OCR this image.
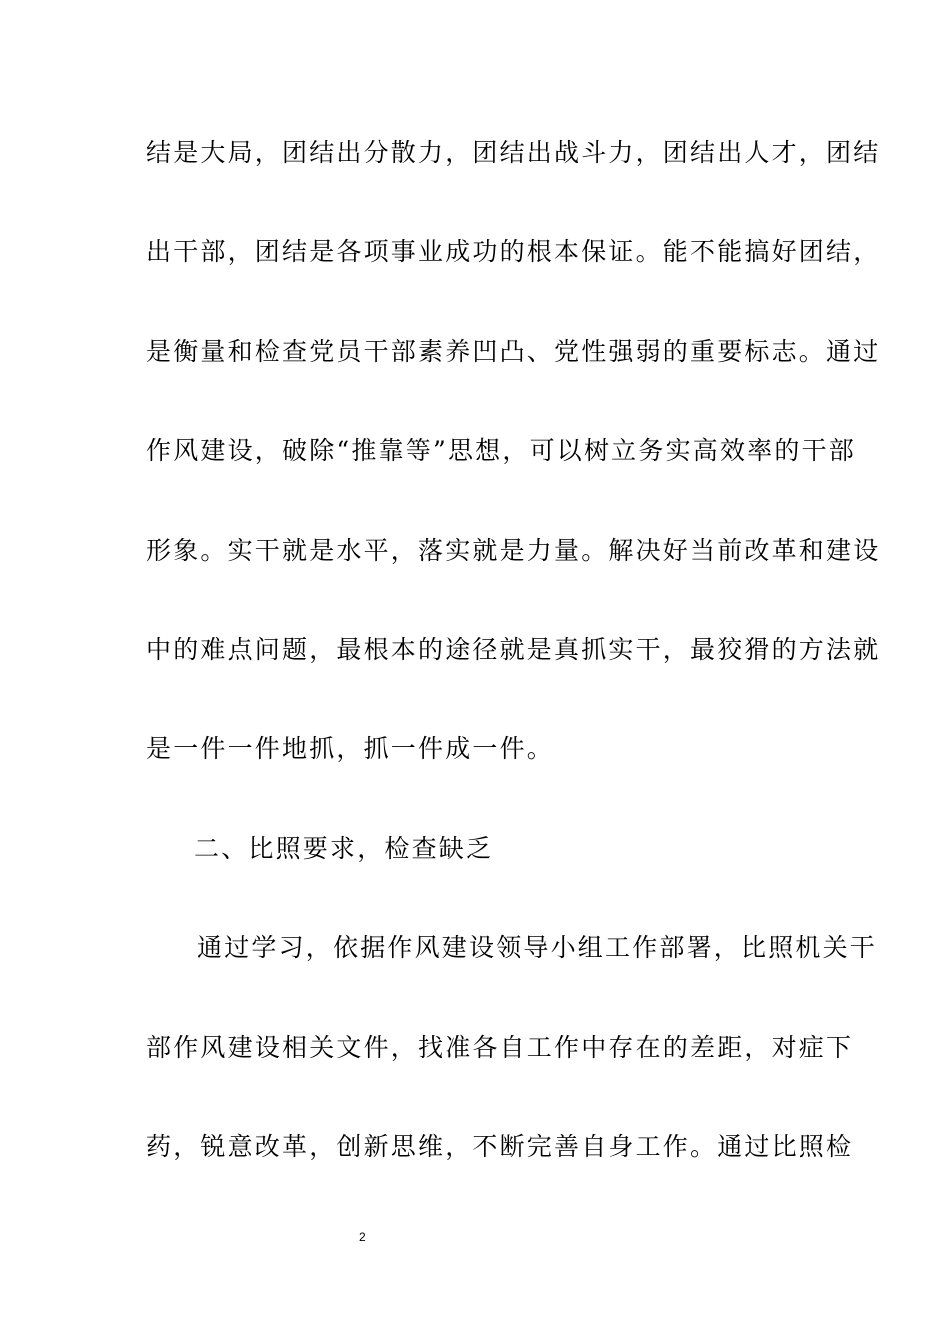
结是大局，团结出分散力，团结出战斗力，团结出人才，团结
出干部，团结是各项事业成功的根本保证。能不能搞好团结，
是衡量和检查党员干部素养凹凸、党性强弱的重要标志。通过
作风建设，破除“推靠等”思想，可以树立务实高效率的干部
形象。实干就是水平，落实就是力量。解决好当前改革和建设
中的难点问题，最根本的途径就是真抓实干，最狡猾的方法就
是一件一件地抓，抓一件成一件。
二、比照要求，检查缺乏
通过学习，依据作风建设领导小组工作部署，比照机关干
部作风建设相关文件，找准各自工作中存在的差距，对症下
药，锐意改革，创新思维，不断完善自身工作。通过比照检
2
